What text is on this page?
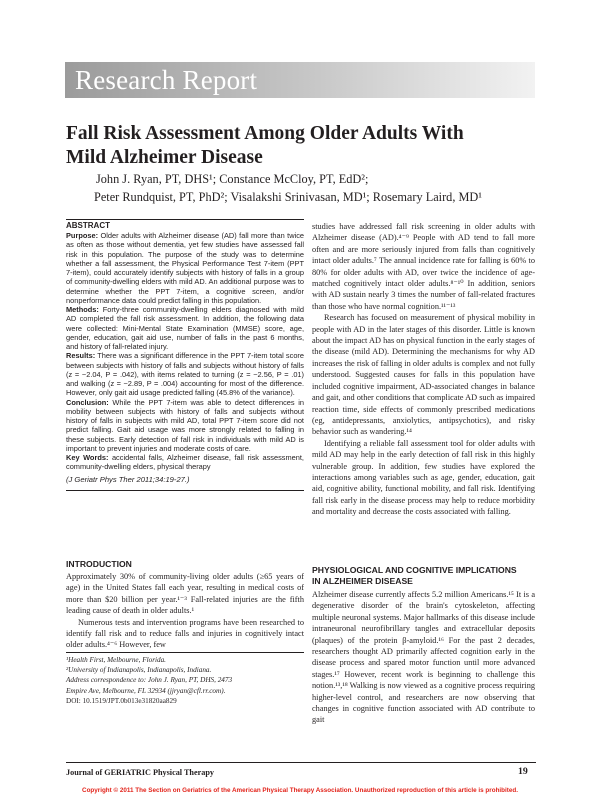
Research Report
Fall Risk Assessment Among Older Adults With
Mild Alzheimer Disease
John J. Ryan, PT, DHS¹; Constance McCloy, PT, EdD²;
Peter Rundquist, PT, PhD²; Visalakshi Srinivasan, MD¹; Rosemary Laird, MD¹
ABSTRACT

Purpose: Older adults with Alzheimer disease (AD) fall more than twice as often as those without dementia, yet few studies have assessed fall risk in this population. The purpose of the study was to determine whether a fall assessment, the Physical Performance Test 7-item (PPT 7-item), could accurately identify subjects with history of falls in a group of community-dwelling elders with mild AD. An additional purpose was to determine whether the PPT 7-item, a cognitive screen, and/or nonperformance data could predict falling in this population.

Methods: Forty-three community-dwelling elders diagnosed with mild AD completed the fall risk assessment. In addition, the following data were collected: Mini-Mental State Examination (MMSE) score, age, gender, education, gait aid use, number of falls in the past 6 months, and history of fall-related injury.

Results: There was a significant difference in the PPT 7-item total score between subjects with history of falls and subjects without history of falls (z = −2.04, P = .042), with items related to turning (z = −2.56, P = .01) and walking (z = −2.89, P = .004) accounting for most of the difference. However, only gait aid usage predicted falling (45.8% of the variance).

Conclusion: While the PPT 7-item was able to detect differences in mobility between subjects with history of falls and subjects without history of falls in subjects with mild AD, total PPT 7-item score did not predict falling. Gait aid usage was more strongly related to falling in these subjects. Early detection of fall risk in individuals with mild AD is important to prevent injuries and moderate costs of care.

Key Words: accidental falls, Alzheimer disease, fall risk assessment, community-dwelling elders, physical therapy

(J Geriatr Phys Ther 2011;34:19-27.)
INTRODUCTION

Approximately 30% of community-living older adults (≥65 years of age) in the United States fall each year, resulting in medical costs of more than $20 billion per year.¹⁻³ Fall-related injuries are the fifth leading cause of death in older adults.¹

Numerous tests and intervention programs have been researched to identify fall risk and to reduce falls and injuries in cognitively intact older adults.⁴⁻⁶ However, few

¹Health First, Melbourne, Florida.
²University of Indianapolis, Indianapolis, Indiana.
Address correspondence to: John J. Ryan, PT, DHS, 2473
Empire Ave, Melbourne, FL 32934 (jjryan@cfl.rr.com).
DOI: 10.1519/JPT.0b013e31820aa829

studies have addressed fall risk screening in older adults with Alzheimer disease (AD).⁴⁻⁹ People with AD tend to fall more often and are more seriously injured from falls than cognitively intact older adults.⁷ The annual incidence rate for falling is 60% to 80% for older adults with AD, over twice the incidence of age-matched cognitively intact older adults.⁸⁻¹⁰ In addition, seniors with AD sustain nearly 3 times the number of fall-related fractures than those who have normal cognition.¹¹⁻¹³

Research has focused on measurement of physical mobility in people with AD in the later stages of this disorder. Little is known about the impact AD has on physical function in the early stages of the disease (mild AD). Determining the mechanisms for why AD increases the risk of falling in older adults is complex and not fully understood. Suggested causes for falls in this population have included cognitive impairment, AD-associated changes in balance and gait, and other conditions that complicate AD such as impaired reaction time, side effects of commonly prescribed medications (eg, antidepressants, anxiolytics, antipsychotics), and risky behavior such as wandering.¹⁴

Identifying a reliable fall assessment tool for older adults with mild AD may help in the early detection of fall risk in this highly vulnerable group. In addition, few studies have explored the interactions among variables such as age, gender, education, gait aid, cognitive ability, functional mobility, and fall risk. Identifying fall risk early in the disease process may help to reduce morbidity and mortality and decrease the costs associated with falling.

PHYSIOLOGICAL AND COGNITIVE IMPLICATIONS
IN ALZHEIMER DISEASE

Alzheimer disease currently affects 5.2 million Americans.¹⁵ It is a degenerative disorder of the brain's cytoskeleton, affecting multiple neuronal systems. Major hallmarks of this disease include intraneuronal neurofibrillary tangles and extracellular deposits (plaques) of the protein β-amyloid.¹⁶ For the past 2 decades, researchers thought AD primarily affected cognition early in the disease process and spared motor function until more advanced stages.¹⁷ However, recent work is beginning to challenge this notion.¹³,¹⁸ Walking is now viewed as a cognitive process requiring higher-level control, and researchers are now observing that changes in cognitive function associated with AD contribute to gait

Journal of GERIATRIC Physical Therapy	19
Copyright © 2011 The Section on Geriatrics of the American Physical Therapy Association. Unauthorized reproduction of this article is prohibited.
